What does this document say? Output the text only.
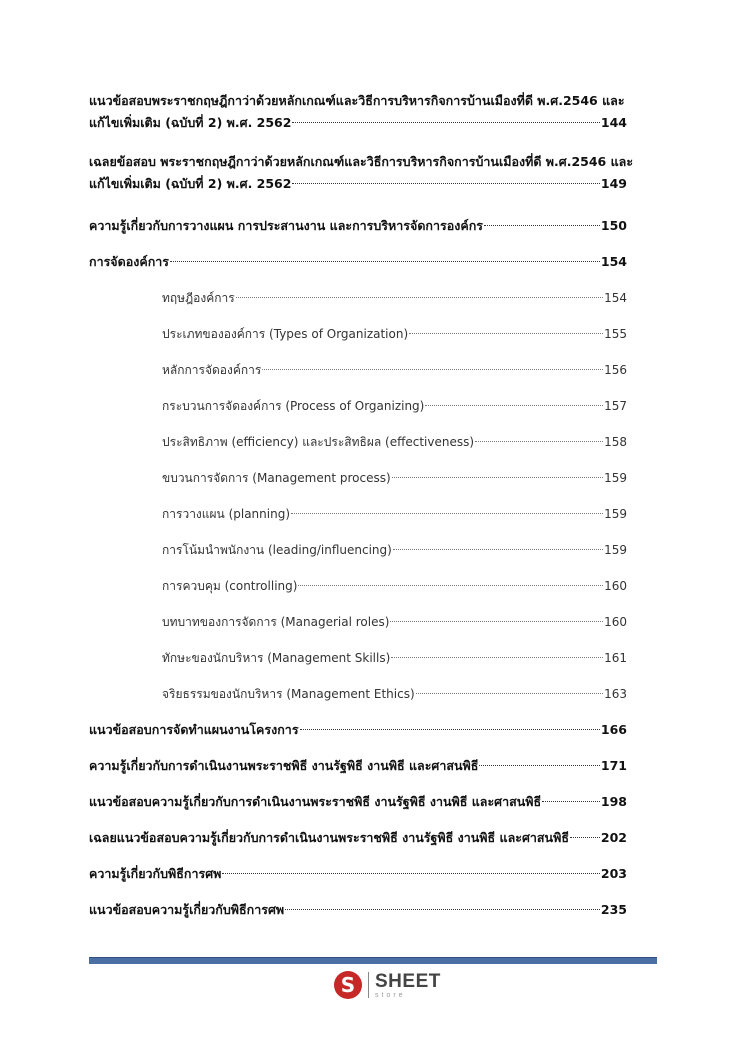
แนวข้อสอบพระราชกฤษฎีกาว่าด้วยหลักเกณฑ์และวิธีการบริหารกิจการบ้านเมืองที่ดี พ.ศ.2546 และ
แก้ไขเพิ่มเติม (ฉบับที่ 2) พ.ศ. 2562	144
เฉลยข้อสอบ พระราชกฤษฎีกาว่าด้วยหลักเกณฑ์และวิธีการบริหารกิจการบ้านเมืองที่ดี พ.ศ.2546 และ
แก้ไขเพิ่มเติม (ฉบับที่ 2) พ.ศ. 2562	149
ความรู้เกี่ยวกับการวางแผน การประสานงาน และการบริหารจัดการองค์กร	150
การจัดองค์การ	154
ทฤษฎีองค์การ	154
ประเภทขององค์การ (Types of Organization)	155
หลักการจัดองค์การ	156
กระบวนการจัดองค์การ (Process of Organizing)	157
ประสิทธิภาพ (efficiency) และประสิทธิผล (effectiveness)	158
ขบวนการจัดการ (Management process)	159
การวางแผน (planning)	159
การโน้มนำพนักงาน (leading/influencing)	159
การควบคุม (controlling)	160
บทบาทของการจัดการ (Managerial roles)	160
ทักษะของนักบริหาร (Management Skills)	161
จริยธรรมของนักบริหาร (Management Ethics)	163
แนวข้อสอบการจัดทำแผนงานโครงการ	166
ความรู้เกี่ยวกับการดำเนินงานพระราชพิธี งานรัฐพิธี งานพิธี และศาสนพิธี	171
แนวข้อสอบความรู้เกี่ยวกับการดำเนินงานพระราชพิธี งานรัฐพิธี งานพิธี และศาสนพิธี	198
เฉลยแนวข้อสอบความรู้เกี่ยวกับการดำเนินงานพระราชพิธี งานรัฐพิธี งานพิธี และศาสนพิธี	202
ความรู้เกี่ยวกับพิธีการศพ	203
แนวข้อสอบความรู้เกี่ยวกับพิธีการศพ	235
S	SHEET
store
